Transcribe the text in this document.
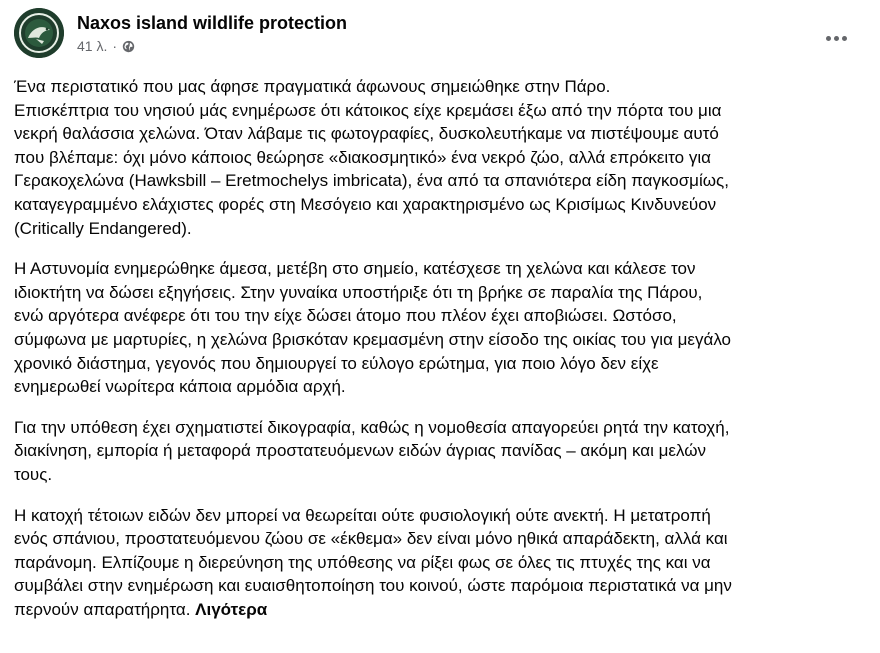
Naxos island wildlife protection
41 λ. ·
Ένα περιστατικό που μας άφησε πραγματικά άφωνους σημειώθηκε στην Πάρο.
Επισκέπτρια του νησιού μάς ενημέρωσε ότι κάτοικος είχε κρεμάσει έξω από την πόρτα του μια
νεκρή θαλάσσια χελώνα. Όταν λάβαμε τις φωτογραφίες, δυσκολευτήκαμε να πιστέψουμε αυτό
που βλέπαμε: όχι μόνο κάποιος θεώρησε «διακοσμητικό» ένα νεκρό ζώο, αλλά επρόκειτο για
Γερακοχελώνα (Hawksbill – Eretmochelys imbricata), ένα από τα σπανιότερα είδη παγκοσμίως,
καταγεγραμμένο ελάχιστες φορές στη Μεσόγειο και χαρακτηρισμένο ως Κρισίμως Κινδυνεύον
(Critically Endangered).
Η Αστυνομία ενημερώθηκε άμεσα, μετέβη στο σημείο, κατέσχεσε τη χελώνα και κάλεσε τον
ιδιοκτήτη να δώσει εξηγήσεις. Στην γυναίκα υποστήριξε ότι τη βρήκε σε παραλία της Πάρου,
ενώ αργότερα ανέφερε ότι του την είχε δώσει άτομο που πλέον έχει αποβιώσει. Ωστόσο,
σύμφωνα με μαρτυρίες, η χελώνα βρισκόταν κρεμασμένη στην είσοδο της οικίας του για μεγάλο
χρονικό διάστημα, γεγονός που δημιουργεί το εύλογο ερώτημα, για ποιο λόγο δεν είχε
ενημερωθεί νωρίτερα κάποια αρμόδια αρχή.
Για την υπόθεση έχει σχηματιστεί δικογραφία, καθώς η νομοθεσία απαγορεύει ρητά την κατοχή,
διακίνηση, εμπορία ή μεταφορά προστατευόμενων ειδών άγριας πανίδας – ακόμη και μελών
τους.
Η κατοχή τέτοιων ειδών δεν μπορεί να θεωρείται ούτε φυσιολογική ούτε ανεκτή. Η μετατροπή
ενός σπάνιου, προστατευόμενου ζώου σε «έκθεμα» δεν είναι μόνο ηθικά απαράδεκτη, αλλά και
παράνομη. Ελπίζουμε η διερεύνηση της υπόθεσης να ρίξει φως σε όλες τις πτυχές της και να
συμβάλει στην ενημέρωση και ευαισθητοποίηση του κοινού, ώστε παρόμοια περιστατικά να μην
περνούν απαρατήρητα. Λιγότερα
